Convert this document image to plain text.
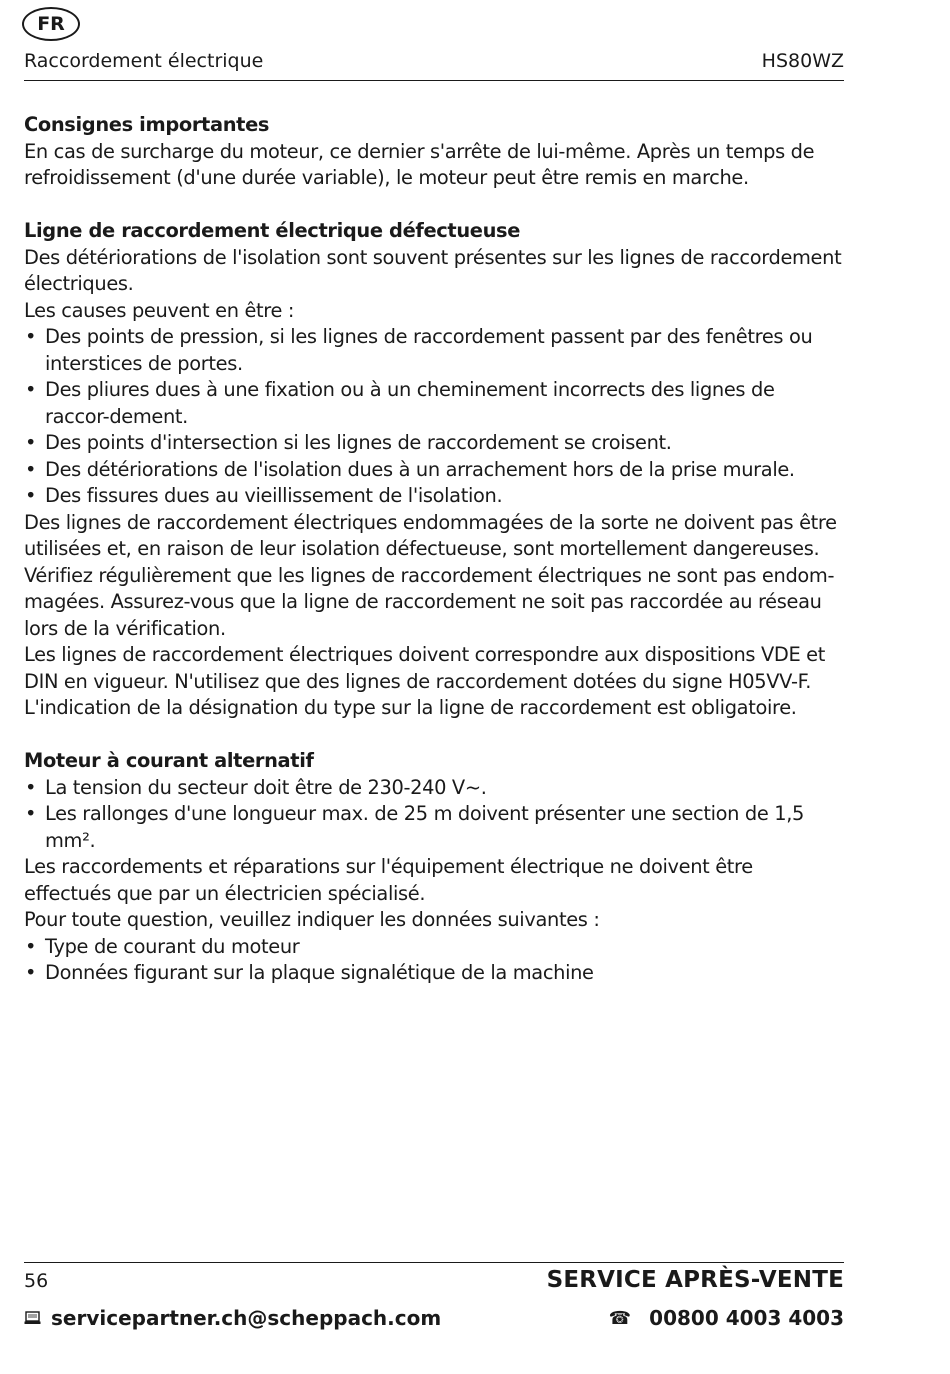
FR
Raccordement électrique	HS80WZ
Consignes importantes

En cas de surcharge du moteur, ce dernier s'arrête de lui-même. Après un temps de refroidissement (d'une durée variable), le moteur peut être remis en marche.

Ligne de raccordement électrique défectueuse

Des détériorations de l'isolation sont souvent présentes sur les lignes de raccordement électriques.

Les causes peuvent en être :

• Des points de pression, si les lignes de raccordement passent par des fenêtres ou interstices de portes.
• Des pliures dues à une fixation ou à un cheminement incorrects des lignes de raccor-dement.
• Des points d'intersection si les lignes de raccordement se croisent.
• Des détériorations de l'isolation dues à un arrachement hors de la prise murale.
• Des fissures dues au vieillissement de l'isolation.

Des lignes de raccordement électriques endommagées de la sorte ne doivent pas être utilisées et, en raison de leur isolation défectueuse, sont mortellement dangereuses.

Vérifiez régulièrement que les lignes de raccordement électriques ne sont pas endom-magées. Assurez-vous que la ligne de raccordement ne soit pas raccordée au réseau lors de la vérification.

Les lignes de raccordement électriques doivent correspondre aux dispositions VDE et DIN en vigueur. N'utilisez que des lignes de raccordement dotées du signe H05VV-F. L'indication de la désignation du type sur la ligne de raccordement est obligatoire.

Moteur à courant alternatif
• La tension du secteur doit être de 230-240 V~.
• Les rallonges d'une longueur max. de 25 m doivent présenter une section de 1,5 mm².

Les raccordements et réparations sur l'équipement électrique ne doivent être effectués que par un électricien spécialisé.

Pour toute question, veuillez indiquer les données suivantes :

• Type de courant du moteur
• Données figurant sur la plaque signalétique de la machine
56	SERVICE APRÈS-VENTE
servicepartner.ch@scheppach.com	☎ 00800 4003 4003
